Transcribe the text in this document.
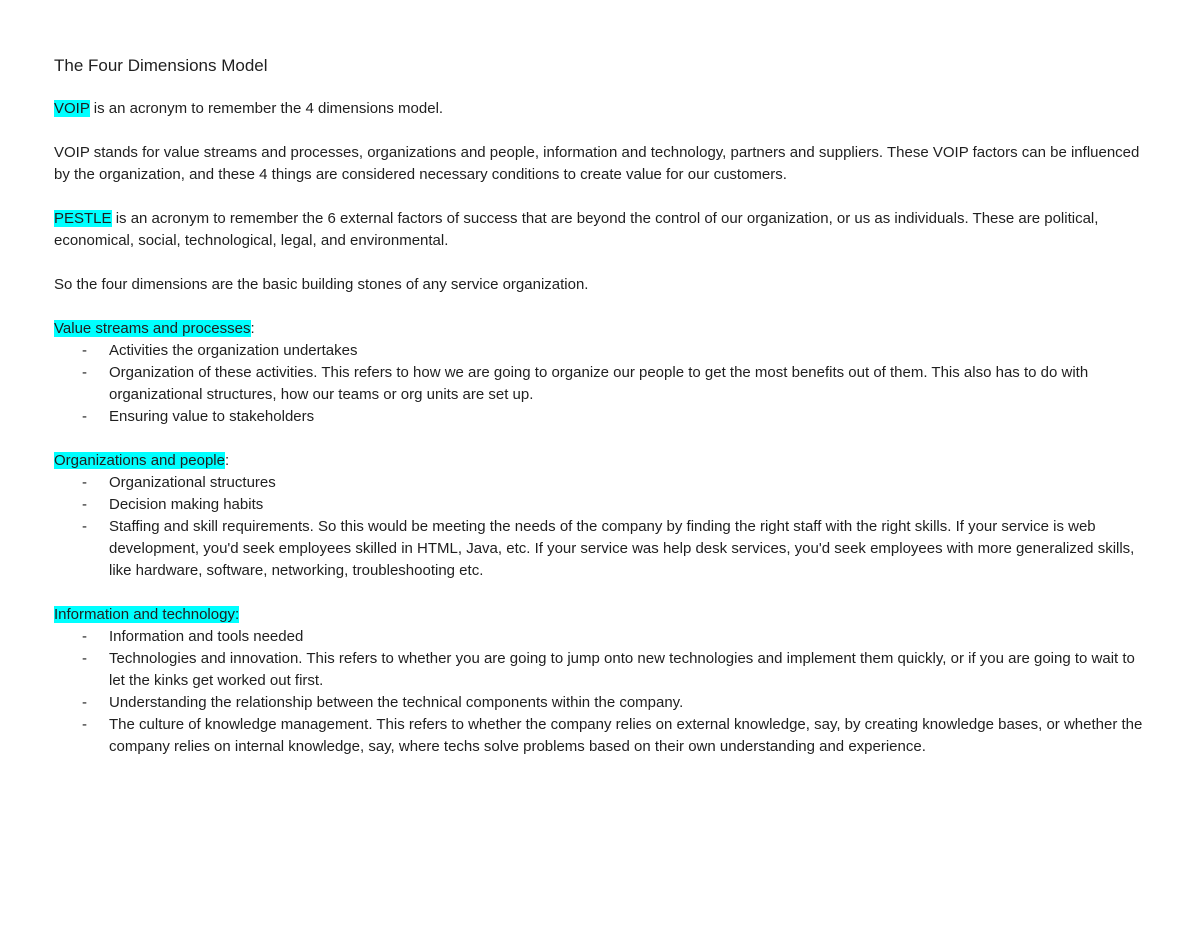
The Four Dimensions Model

VOIP is an acronym to remember the 4 dimensions model.

VOIP stands for value streams and processes, organizations and people, information and technology, partners and suppliers. These VOIP factors can be influenced by the organization, and these 4 things are considered necessary conditions to create value for our customers.

PESTLE is an acronym to remember the 6 external factors of success that are beyond the control of our organization, or us as individuals. These are political, economical, social, technological, legal, and environmental.

So the four dimensions are the basic building stones of any service organization.

Value streams and processes:

- Activities the organization undertakes
- Organization of these activities. This refers to how we are going to organize our people to get the most benefits out of them. This also has to do with organizational structures, how our teams or org units are set up.
- Ensuring value to stakeholders

Organizations and people:

- Organizational structures
- Decision making habits
- Staffing and skill requirements. So this would be meeting the needs of the company by finding the right staff with the right skills. If your service is web development, you'd seek employees skilled in HTML, Java, etc. If your service was help desk services, you'd seek employees with more generalized skills, like hardware, software, networking, troubleshooting etc.

Information and technology:

- Information and tools needed
- Technologies and innovation. This refers to whether you are going to jump onto new technologies and implement them quickly, or if you are going to wait to let the kinks get worked out first.
- Understanding the relationship between the technical components within the company.
- The culture of knowledge management. This refers to whether the company relies on external knowledge, say, by creating knowledge bases, or whether the company relies on internal knowledge, say, where techs solve problems based on their own understanding and experience.
